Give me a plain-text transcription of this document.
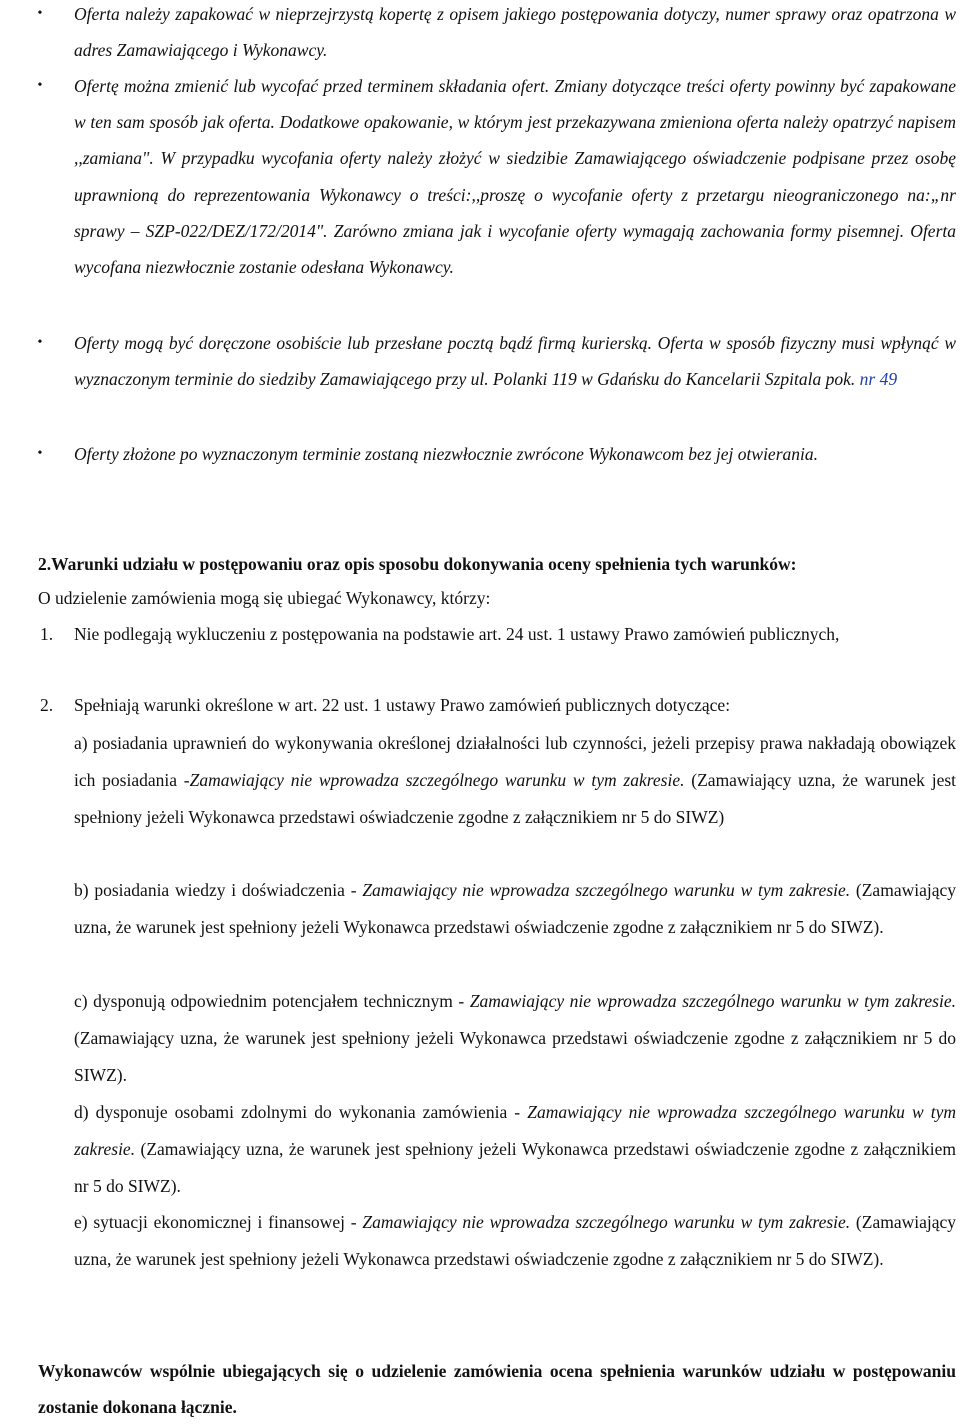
• Oferta należy zapakować w nieprzejrzystą kopertę z opisem jakiego postępowania dotyczy, numer sprawy oraz opatrzona w adres Zamawiającego i Wykonawcy.
• Ofertę można zmienić lub wycofać przed terminem składania ofert. Zmiany dotyczące treści oferty powinny być zapakowane w ten sam sposób jak oferta. Dodatkowe opakowanie, w którym jest przekazywana zmieniona oferta należy opatrzyć napisem ,,zamiana". W przypadku wycofania oferty należy złożyć w siedzibie Zamawiającego oświadczenie podpisane przez osobę uprawnioną do reprezentowania Wykonawcy o treści:,,proszę o wycofanie oferty z przetargu nieograniczonego na:„nr sprawy – SZP-022/DEZ/172/2014". Zarówno zmiana jak i wycofanie oferty wymagają zachowania formy pisemnej. Oferta wycofana niezwłocznie zostanie odesłana Wykonawcy.
• Oferty mogą być doręczone osobiście lub przesłane pocztą bądź firmą kurierską. Oferta w sposób fizyczny musi wpłynąć w wyznaczonym terminie do siedziby Zamawiającego przy ul. Polanki 119 w Gdańsku do Kancelarii Szpitala pok. nr 49
• Oferty złożone po wyznaczonym terminie zostaną niezwłocznie zwrócone Wykonawcom bez jej otwierania.
2.Warunki udziału w postępowaniu oraz opis sposobu dokonywania oceny spełnienia tych warunków:
O udzielenie zamówienia mogą się ubiegać Wykonawcy, którzy:
1. Nie podlegają wykluczeniu z postępowania na podstawie art. 24 ust. 1 ustawy Prawo zamówień publicznych,
2. Spełniają warunki określone w art. 22 ust. 1 ustawy Prawo zamówień publicznych dotyczące:
a) posiadania uprawnień do wykonywania określonej działalności lub czynności, jeżeli przepisy prawa nakładają obowiązek ich posiadania -Zamawiający nie wprowadza szczególnego warunku w tym zakresie. (Zamawiający uzna, że warunek jest spełniony jeżeli Wykonawca przedstawi oświadczenie zgodne z załącznikiem nr 5 do SIWZ)
b) posiadania wiedzy i doświadczenia - Zamawiający nie wprowadza szczególnego warunku w tym zakresie. (Zamawiający uzna, że warunek jest spełniony jeżeli Wykonawca przedstawi oświadczenie zgodne z załącznikiem nr 5 do SIWZ).
c) dysponują odpowiednim potencjałem technicznym - Zamawiający nie wprowadza szczególnego warunku w tym zakresie. (Zamawiający uzna, że warunek jest spełniony jeżeli Wykonawca przedstawi oświadczenie zgodne z załącznikiem nr 5 do SIWZ).
d) dysponuje osobami zdolnymi do wykonania zamówienia - Zamawiający nie wprowadza szczególnego warunku w tym zakresie. (Zamawiający uzna, że warunek jest spełniony jeżeli Wykonawca przedstawi oświadczenie zgodne z załącznikiem nr 5 do SIWZ).
e) sytuacji ekonomicznej i finansowej - Zamawiający nie wprowadza szczególnego warunku w tym zakresie. (Zamawiający uzna, że warunek jest spełniony jeżeli Wykonawca przedstawi oświadczenie zgodne z załącznikiem nr 5 do SIWZ).
Wykonawców wspólnie ubiegających się o udzielenie zamówienia ocena spełnienia warunków udziału w postępowaniu zostanie dokonana łącznie.
